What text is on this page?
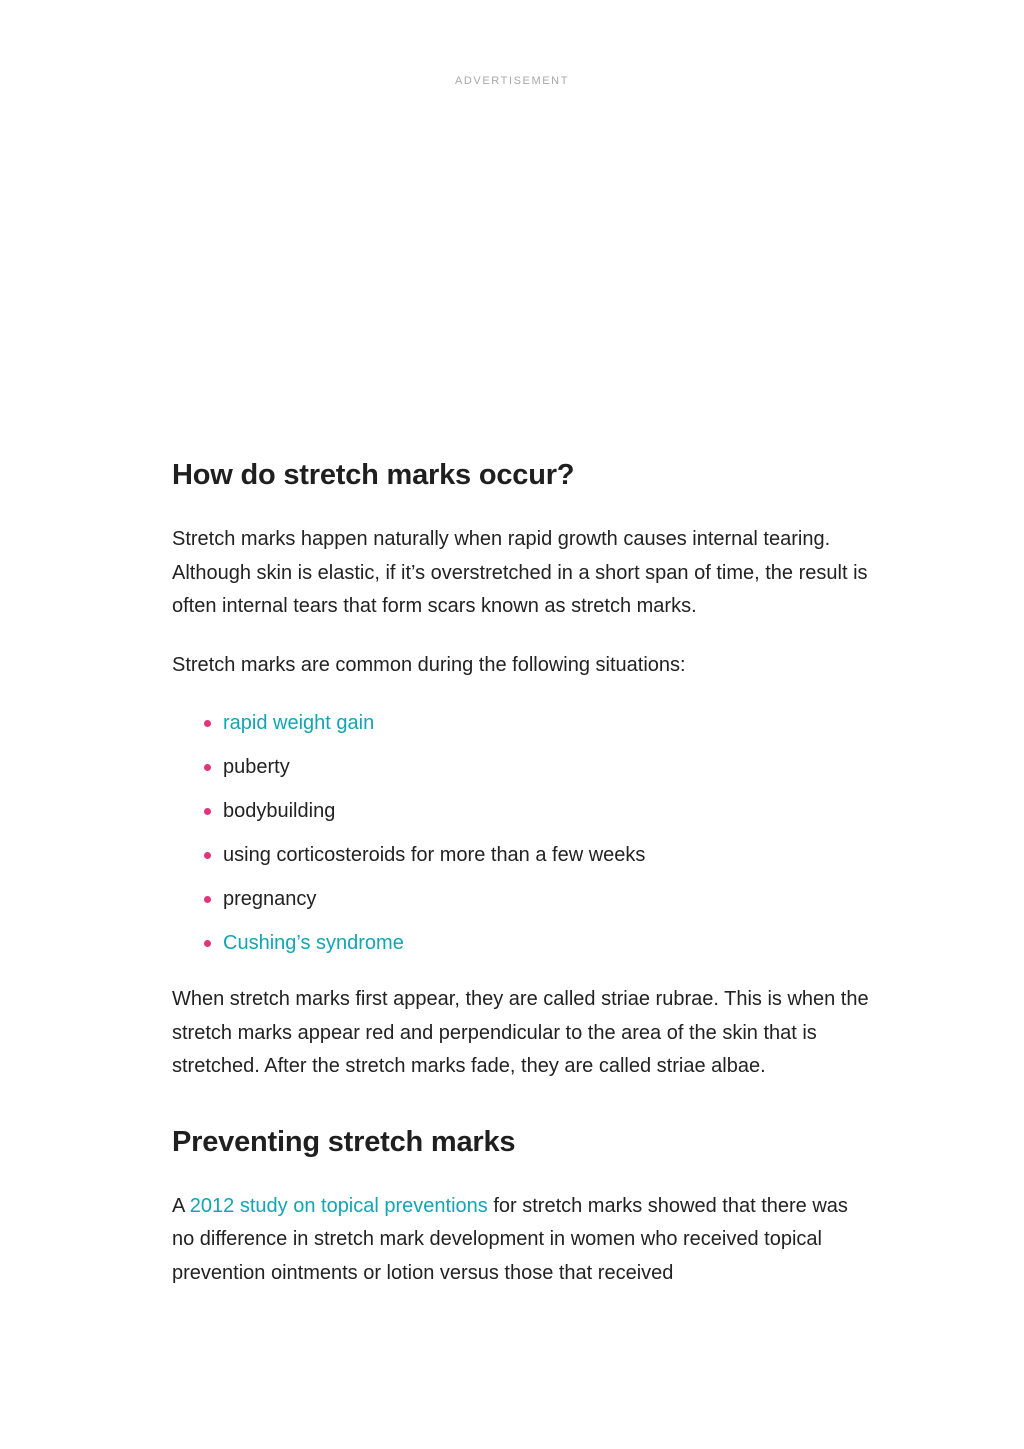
ADVERTISEMENT
How do stretch marks occur?

Stretch marks happen naturally when rapid growth causes internal tearing. Although skin is elastic, if it’s overstretched in a short span of time, the result is often internal tears that form scars known as stretch marks.

Stretch marks are common during the following situations:

rapid weight gain
puberty
bodybuilding
using corticosteroids for more than a few weeks
pregnancy
Cushing’s syndrome

When stretch marks first appear, they are called striae rubrae. This is when the stretch marks appear red and perpendicular to the area of the skin that is stretched. After the stretch marks fade, they are called striae albae.

Preventing stretch marks

A 2012 study on topical preventions for stretch marks showed that there was no difference in stretch mark development in women who received topical prevention ointments or lotion versus those that received
